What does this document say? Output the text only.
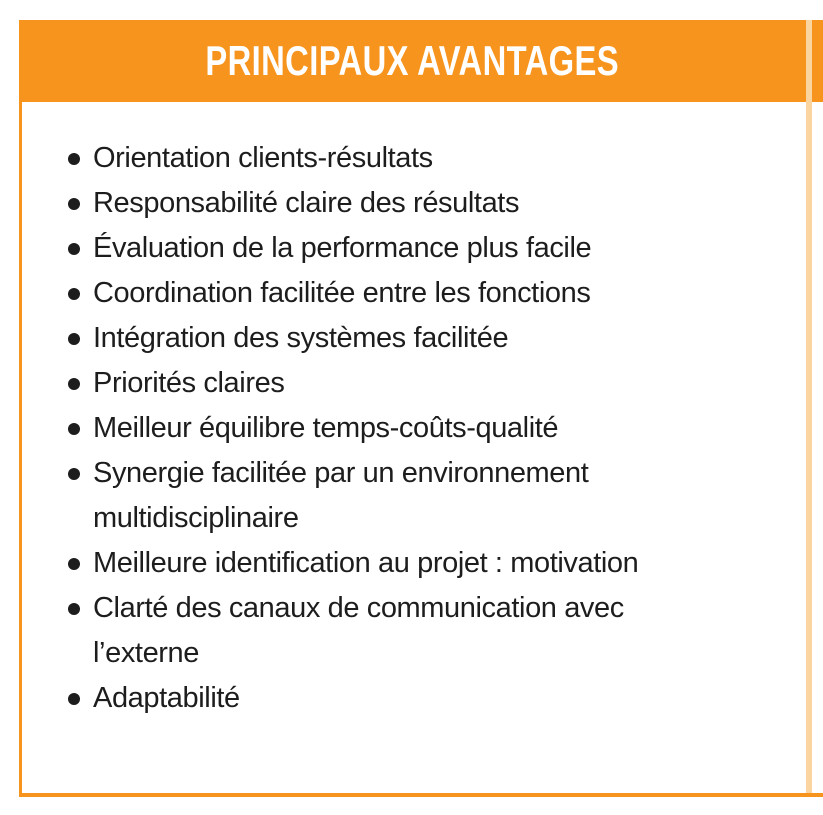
PRINCIPAUX AVANTAGES
Orientation clients-résultats
Responsabilité claire des résultats
Évaluation de la performance plus facile
Coordination facilitée entre les fonctions
Intégration des systèmes facilitée
Priorités claires
Meilleur équilibre temps-coûts-qualité
Synergie facilitée par un environnement
multidisciplinaire
Meilleure identification au projet : motivation
Clarté des canaux de communication avec
l’externe
Adaptabilité
